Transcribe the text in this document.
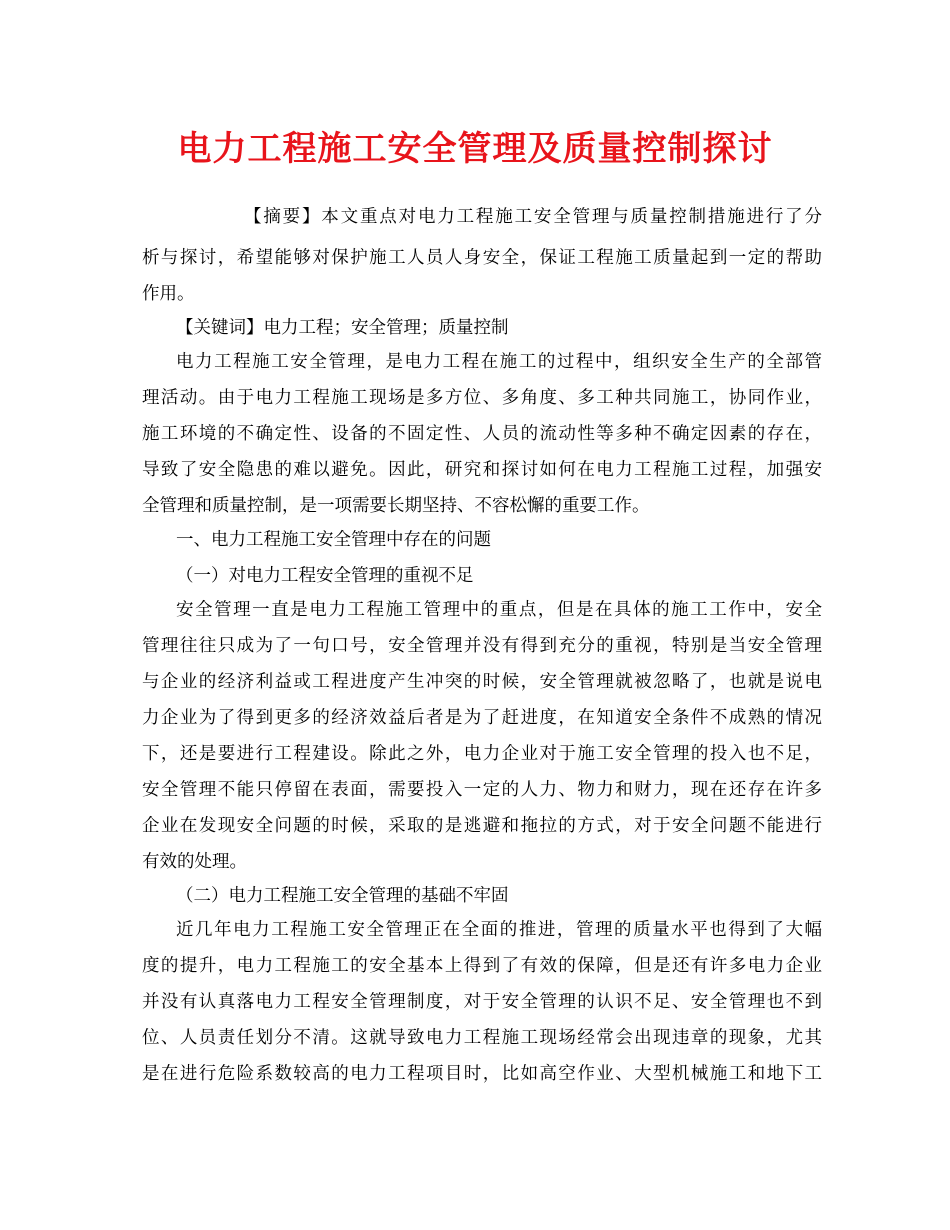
电力工程施工安全管理及质量控制探讨

【摘要】本文重点对电力工程施工安全管理与质量控制措施进行了分

析与探讨，希望能够对保护施工人员人身安全，保证工程施工质量起到一定的帮助

作用。

【关键词】电力工程；安全管理；质量控制

电力工程施工安全管理，是电力工程在施工的过程中，组织安全生产的全部管

理活动。由于电力工程施工现场是多方位、多角度、多工种共同施工，协同作业，

施工环境的不确定性、设备的不固定性、人员的流动性等多种不确定因素的存在，

导致了安全隐患的难以避免。因此，研究和探讨如何在电力工程施工过程，加强安

全管理和质量控制，是一项需要长期坚持、不容松懈的重要工作。

一、电力工程施工安全管理中存在的问题

（一）对电力工程安全管理的重视不足

安全管理一直是电力工程施工管理中的重点，但是在具体的施工工作中，安全

管理往往只成为了一句口号，安全管理并没有得到充分的重视，特别是当安全管理

与企业的经济利益或工程进度产生冲突的时候，安全管理就被忽略了，也就是说电

力企业为了得到更多的经济效益后者是为了赶进度，在知道安全条件不成熟的情况

下，还是要进行工程建设。除此之外，电力企业对于施工安全管理的投入也不足，

安全管理不能只停留在表面，需要投入一定的人力、物力和财力，现在还存在许多

企业在发现安全问题的时候，采取的是逃避和拖拉的方式，对于安全问题不能进行

有效的处理。

（二）电力工程施工安全管理的基础不牢固

近几年电力工程施工安全管理正在全面的推进，管理的质量水平也得到了大幅

度的提升，电力工程施工的安全基本上得到了有效的保障，但是还有许多电力企业

并没有认真落电力工程安全管理制度，对于安全管理的认识不足、安全管理也不到

位、人员责任划分不清。这就导致电力工程施工现场经常会出现违章的现象，尤其

是在进行危险系数较高的电力工程项目时，比如高空作业、大型机械施工和地下工
